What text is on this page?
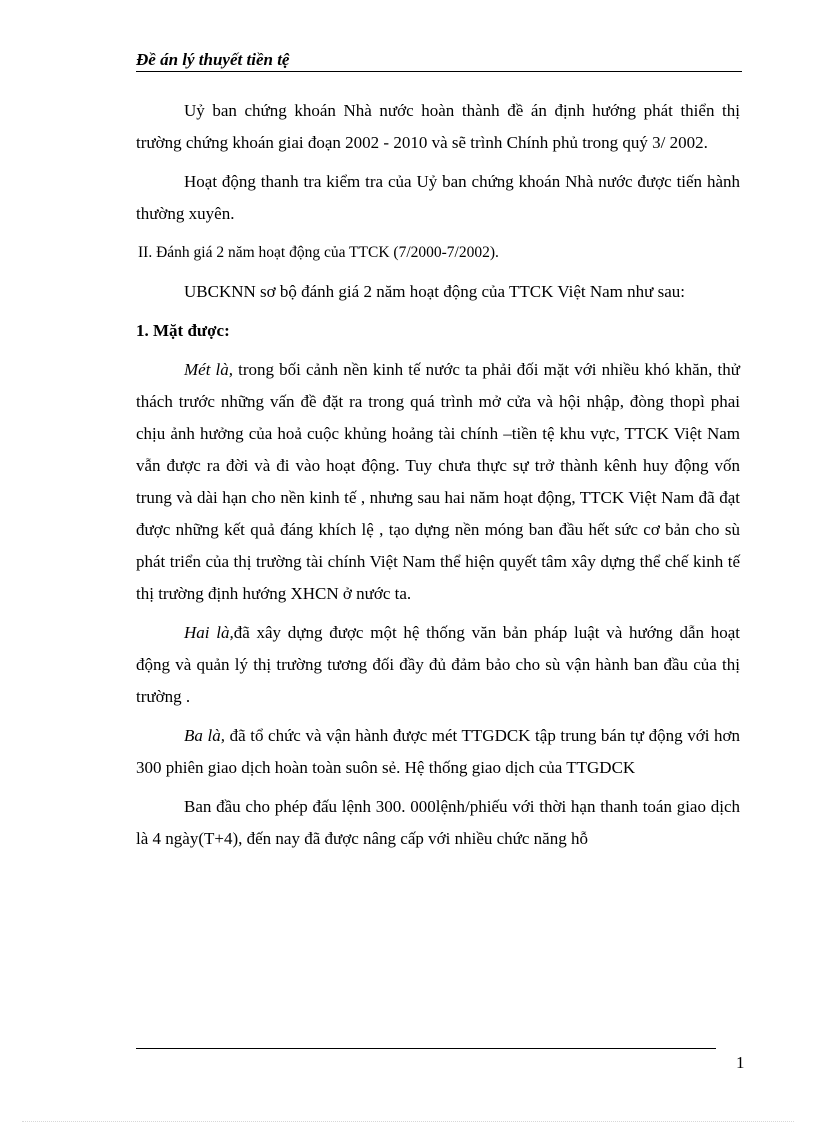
Đề án lý thuyết tiền tệ

Uỷ ban chứng khoán Nhà nước hoàn thành đề án định hướng phát thiển thị trường chứng khoán giai đoạn 2002 - 2010 và sẽ trình Chính phủ trong quý 3/ 2002.

Hoạt động thanh tra kiểm tra của Uỷ ban chứng khoán Nhà nước được tiến hành thường xuyên.

II. Đánh giá 2 năm hoạt động của TTCK (7/2000-7/2002).

UBCKNN sơ bộ đánh giá 2 năm hoạt động của TTCK Việt Nam như sau:

1. Mặt được:

Mét là, trong bối cảnh nền kinh tế nước ta phải đối mặt với nhiều khó khăn, thử thách trước những vấn đề đặt ra trong quá trình mở cửa và hội nhập, đòng thopì phai chịu ảnh hưởng của hoả cuộc khủng hoảng tài chính –tiền tệ khu vực, TTCK Việt Nam vẫn được ra đời và đi vào hoạt động. Tuy chưa thực sự trở thành kênh huy động vốn trung và dài hạn cho nền kinh tế , nhưng sau hai năm hoạt động, TTCK Việt Nam đã đạt được những kết quả đáng khích lệ , tạo dựng nền móng ban đầu hết sức cơ bản cho sù phát triển của thị trường tài chính Việt Nam thể hiện quyết tâm xây dựng thể chế kinh tế thị trường định hướng XHCN ở nước ta.

Hai là,đã xây dựng được một hệ thống văn bản pháp luật và hướng dẫn hoạt động và quản lý thị trường tương đối đầy đủ đảm bảo cho sù vận hành ban đầu của thị trường .

Ba là, đã tổ chức và vận hành được mét TTGDCK tập trung bán tự động với hơn 300 phiên giao dịch hoàn toàn suôn sẻ. Hệ thống giao dịch của TTGDCK

Ban đầu cho phép đấu lệnh 300. 000lệnh/phiếu với thời hạn thanh toán giao dịch là 4 ngày(T+4), đến nay đã được nâng cấp với nhiều chức năng hỗ

1
